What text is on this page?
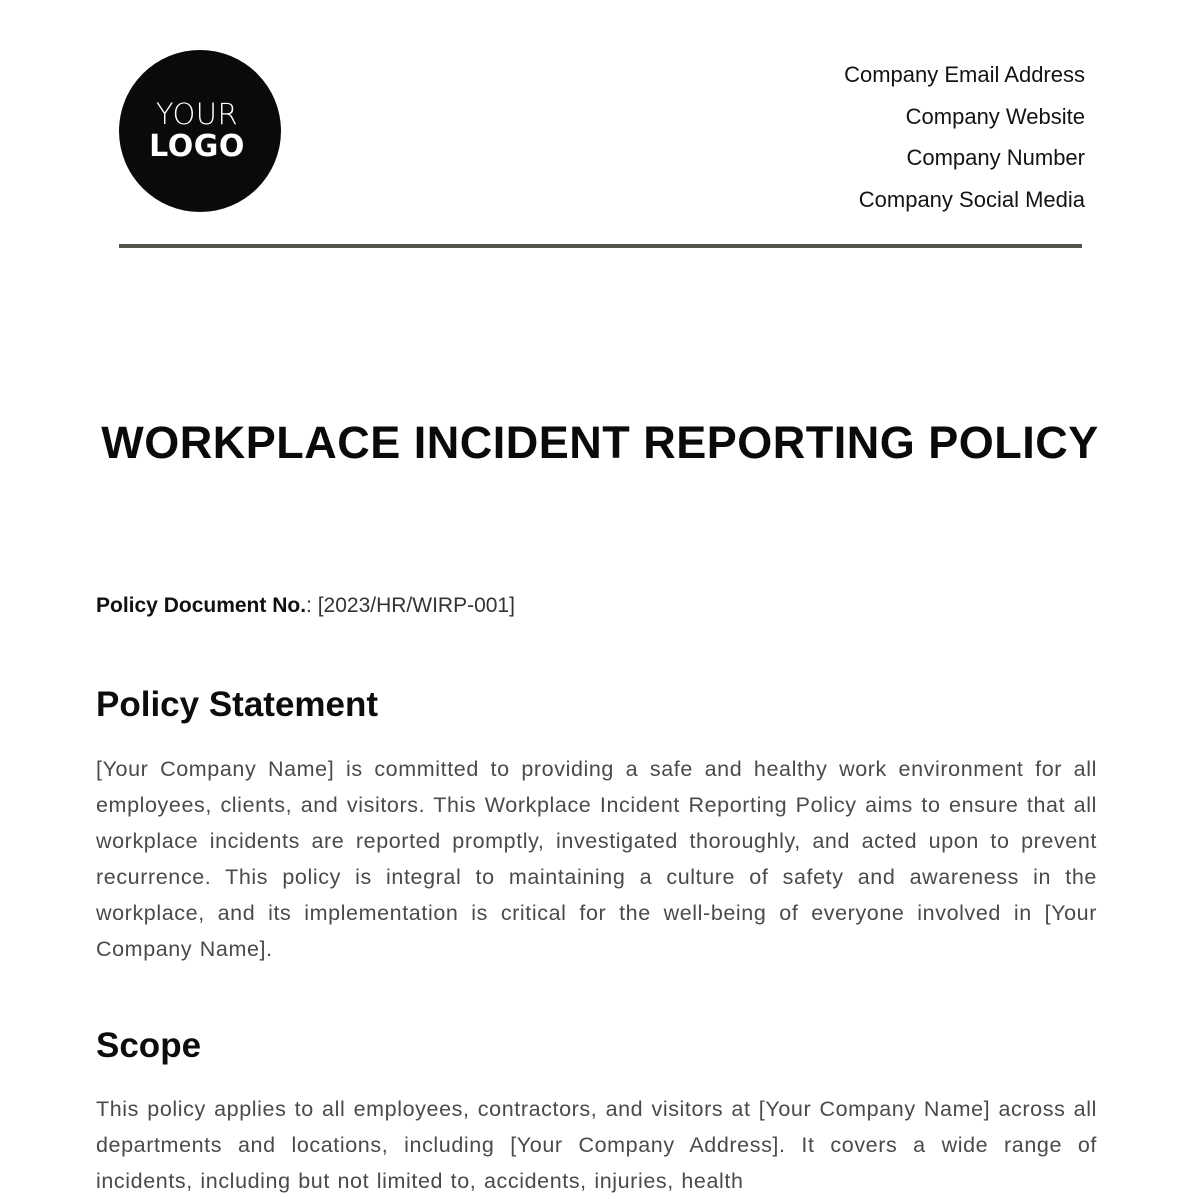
YOUR
LOGO
Company Email Address
Company Website
Company Number
Company Social Media
WORKPLACE INCIDENT REPORTING POLICY
Policy Document No.: [2023/HR/WIRP-001]
Policy Statement
[Your Company Name] is committed to providing a safe and healthy work environment for all employees, clients, and visitors. This Workplace Incident Reporting Policy aims to ensure that all workplace incidents are reported promptly, investigated thoroughly, and acted upon to prevent recurrence. This policy is integral to maintaining a culture of safety and awareness in the workplace, and its implementation is critical for the well-being of everyone involved in [Your Company Name].
Scope
This policy applies to all employees, contractors, and visitors at [Your Company Name] across all departments and locations, including [Your Company Address]. It covers a wide range of incidents, including but not limited to, accidents, injuries, health
